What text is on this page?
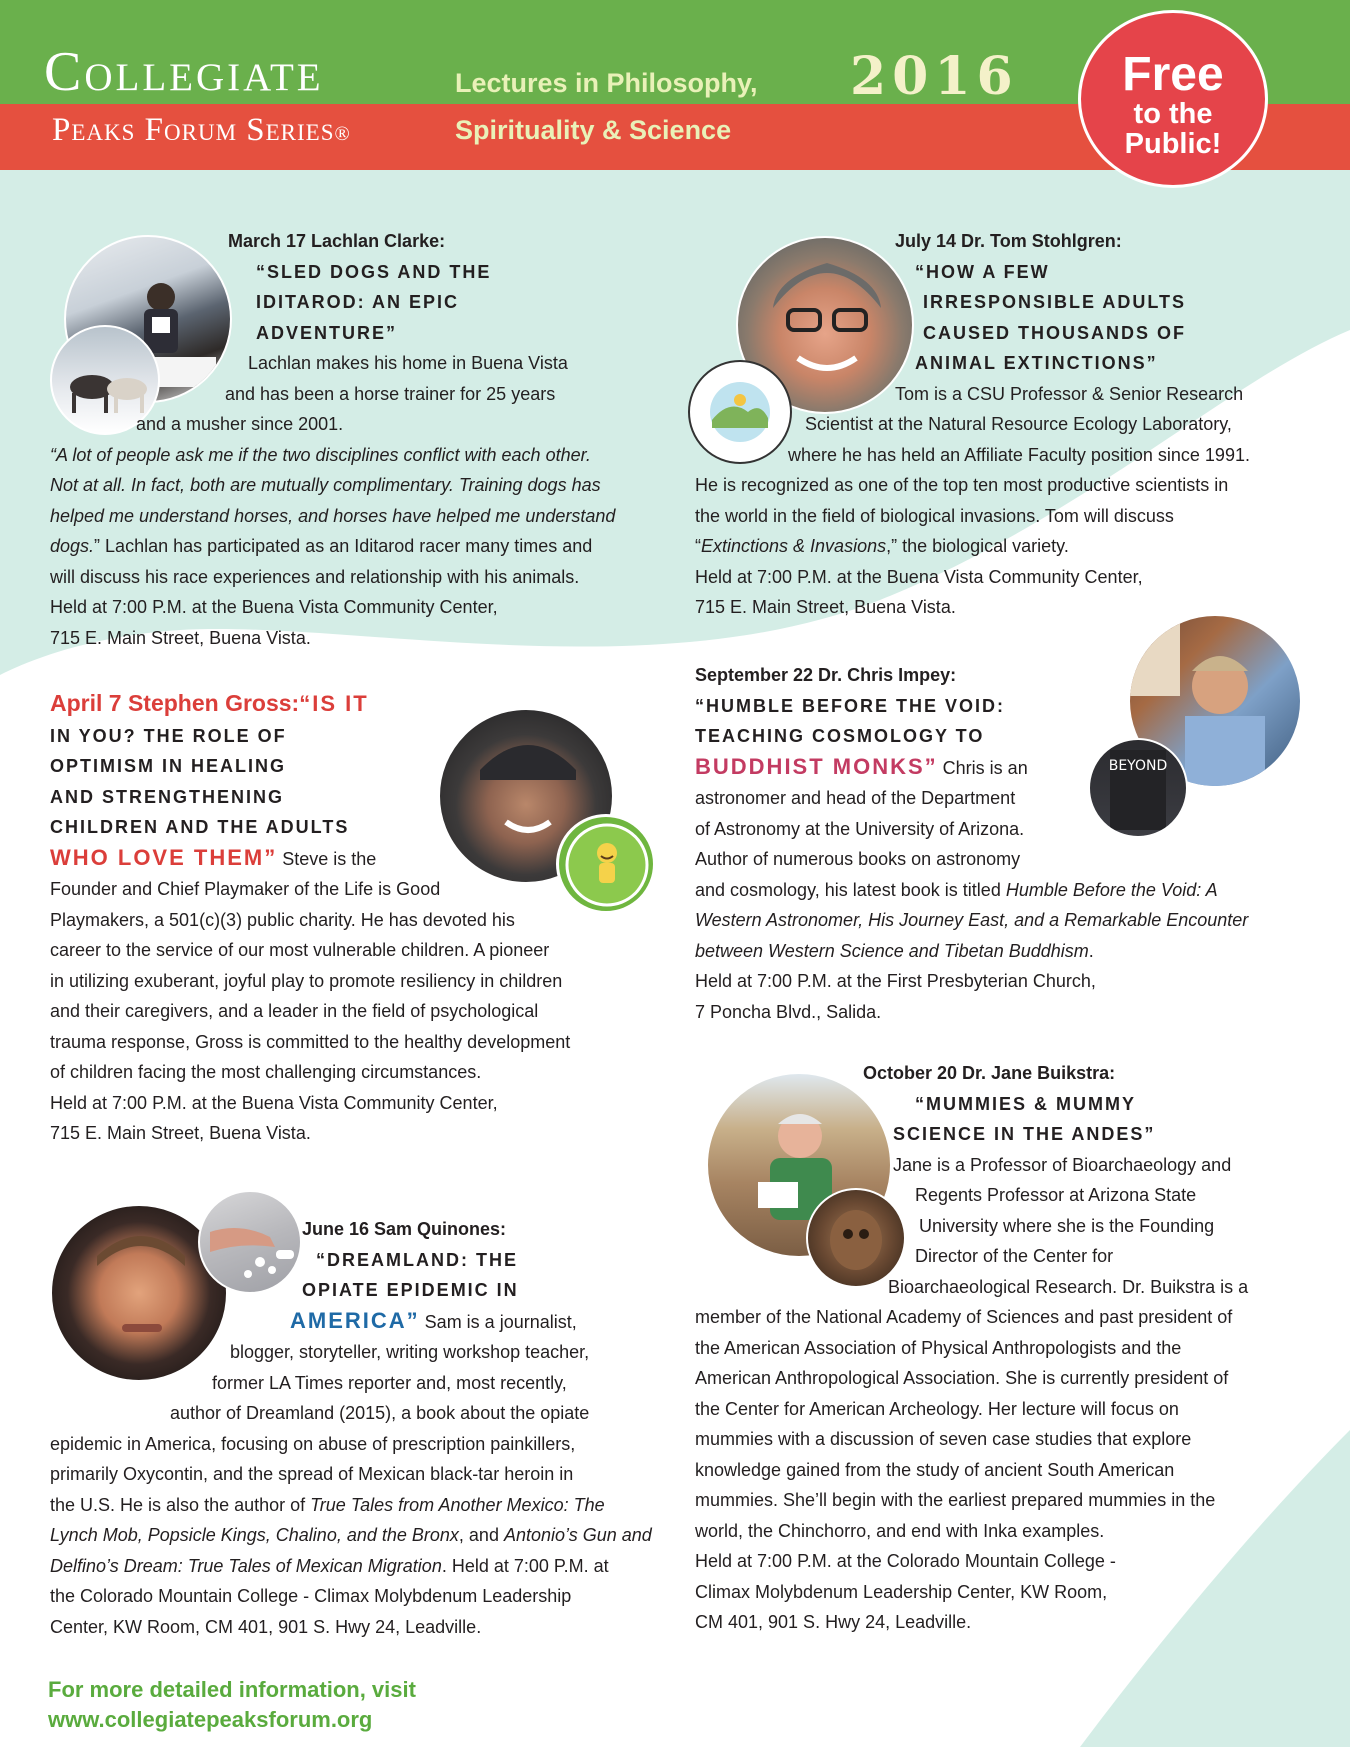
Collegiate
Peaks Forum Series®
Lectures in Philosophy,
Spirituality & Science
2016	Free
to the
Public!
BEYOND

March 17 Lachlan Clarke:

“SLED DOGS AND THE

IDITAROD: AN EPIC

ADVENTURE”

Lachlan makes his home in Buena Vista

and has been a horse trainer for 25 years

and a musher since 2001.

“A lot of people ask me if the two disciplines conflict with each other.

Not at all. In fact, both are mutually complimentary. Training dogs has

helped me understand horses, and horses have helped me understand

dogs.” Lachlan has participated as an Iditarod racer many times and

will discuss his race experiences and relationship with his animals.

Held at 7:00 P.M. at the Buena Vista Community Center,

715 E. Main Street, Buena Vista.

April 7 Stephen Gross:“IS IT

IN YOU? THE ROLE OF

OPTIMISM IN HEALING

AND STRENGTHENING

CHILDREN AND THE ADULTS

WHO LOVE THEM” Steve is the

Founder and Chief Playmaker of the Life is Good

Playmakers, a 501(c)(3) public charity. He has devoted his

career to the service of our most vulnerable children. A pioneer

in utilizing exuberant, joyful play to promote resiliency in children

and their caregivers, and a leader in the field of psychological

trauma response, Gross is committed to the healthy development

of children facing the most challenging circumstances.

Held at 7:00 P.M. at the Buena Vista Community Center,

715 E. Main Street, Buena Vista.

June 16 Sam Quinones:

“DREAMLAND: THE

OPIATE EPIDEMIC IN

AMERICA” Sam is a journalist,

blogger, storyteller, writing workshop teacher,

former LA Times reporter and, most recently,

author of Dreamland (2015), a book about the opiate

epidemic in America, focusing on abuse of prescription painkillers,

primarily Oxycontin, and the spread of Mexican black-tar heroin in

the U.S. He is also the author of True Tales from Another Mexico: The

Lynch Mob, Popsicle Kings, Chalino, and the Bronx, and Antonio’s Gun and

Delfino’s Dream: True Tales of Mexican Migration. Held at 7:00 P.M. at

the Colorado Mountain College - Climax Molybdenum Leadership

Center, KW Room, CM 401, 901 S. Hwy 24, Leadville.

July 14 Dr. Tom Stohlgren:

“HOW A FEW

IRRESPONSIBLE ADULTS

CAUSED THOUSANDS OF

ANIMAL EXTINCTIONS”

Tom is a CSU Professor & Senior Research

Scientist at the Natural Resource Ecology Laboratory,

where he has held an Affiliate Faculty position since 1991.

He is recognized as one of the top ten most productive scientists in

the world in the field of biological invasions. Tom will discuss

“Extinctions & Invasions,” the biological variety.

Held at 7:00 P.M. at the Buena Vista Community Center,

715 E. Main Street, Buena Vista.

September 22 Dr. Chris Impey:

“HUMBLE BEFORE THE VOID:

TEACHING COSMOLOGY TO

BUDDHIST MONKS” Chris is an

astronomer and head of the Department

of Astronomy at the University of Arizona.

Author of numerous books on astronomy

and cosmology, his latest book is titled Humble Before the Void: A

Western Astronomer, His Journey East, and a Remarkable Encounter

between Western Science and Tibetan Buddhism.

Held at 7:00 P.M. at the First Presbyterian Church,

7 Poncha Blvd., Salida.

October 20 Dr. Jane Buikstra:

“MUMMIES & MUMMY

SCIENCE IN THE ANDES”

Jane is a Professor of Bioarchaeology and

Regents Professor at Arizona State

University where she is the Founding

Director of the Center for

Bioarchaeological Research. Dr. Buikstra is a

member of the National Academy of Sciences and past president of

the American Association of Physical Anthropologists and the

American Anthropological Association. She is currently president of

the Center for American Archeology. Her lecture will focus on

mummies with a discussion of seven case studies that explore

knowledge gained from the study of ancient South American

mummies. She’ll begin with the earliest prepared mummies in the

world, the Chinchorro, and end with Inka examples.

Held at 7:00 P.M. at the Colorado Mountain College -

Climax Molybdenum Leadership Center, KW Room,

CM 401, 901 S. Hwy 24, Leadville.

For more detailed information, visit
www.collegiatepeaksforum.org
